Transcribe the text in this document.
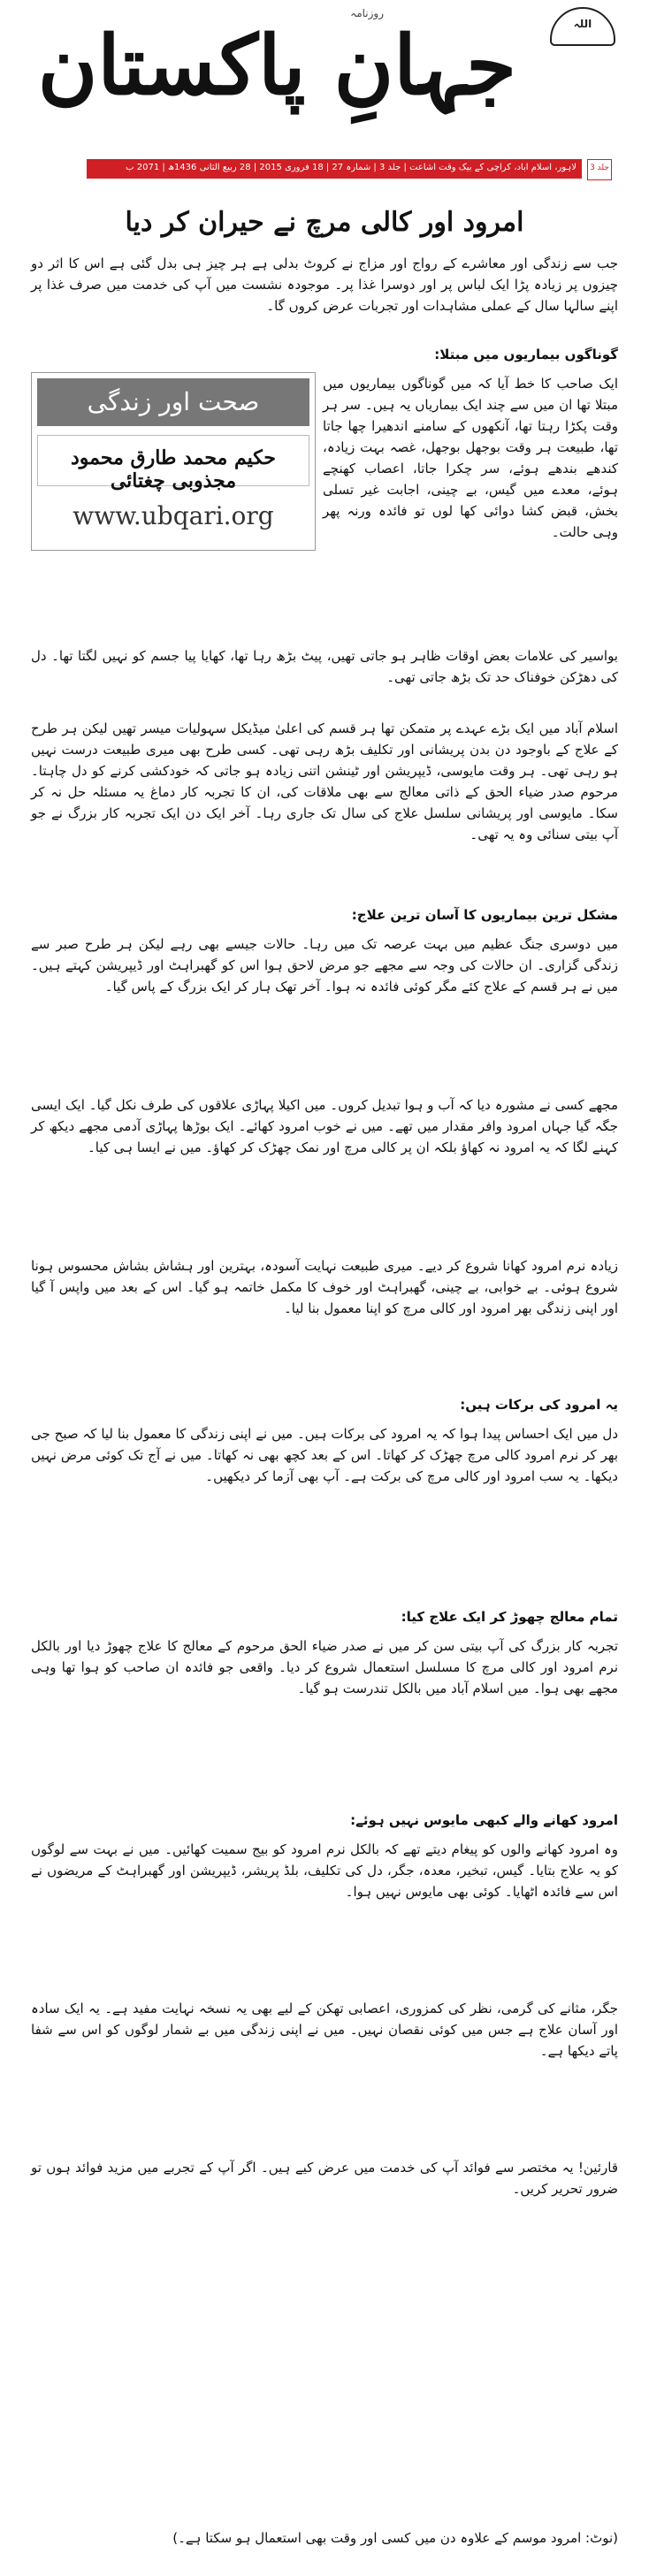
روزنامہ
اللہ
جہانِ پاکستان
لاہور، اسلام آباد، کراچی کے بیک وقت اشاعت | جلد 3 | شمارہ 27 | 18 فروری 2015 | 28 ربیع الثانی 1436ھ | 2071 ب جلد 3
امرود اور کالی مرچ نے حیران کر دیا
جب سے زندگی اور معاشرے کے رواج اور مزاج نے کروٹ بدلی ہے ہر چیز ہی بدل گئی ہے اس کا اثر دو چیزوں پر زیادہ پڑا ایک لباس پر اور دوسرا غذا پر۔ موجودہ نشست میں آپ کی خدمت میں صرف غذا پر اپنے سالہا سال کے عملی مشاہدات اور تجربات عرض کروں گا۔
گوناگوں بیماریوں میں مبتلا:
صحت اور زندگی
حکیم محمد طارق محمود مجذوبی چغتائی
www.ubqari.org
ایک صاحب کا خط آیا کہ میں گوناگوں بیماریوں میں مبتلا تھا ان میں سے چند ایک بیماریاں یہ ہیں۔ سر ہر وقت پکڑا رہتا تھا، آنکھوں کے سامنے اندھیرا چھا جاتا تھا، طبیعت ہر وقت بوجھل بوجھل، غصہ بہت زیادہ، کندھے بندھے ہوئے، سر چکرا جاتا، اعصاب کھنچے ہوئے، معدے میں گیس، بے چینی، اجابت غیر تسلی بخش، قبض کشا دوائی کھا لوں تو فائدہ ورنہ پھر وہی حالت۔
بواسیر کی علامات بعض اوقات ظاہر ہو جاتی تھیں، پیٹ بڑھ رہا تھا، کھایا پیا جسم کو نہیں لگتا تھا۔ دل کی دھڑکن خوفناک حد تک بڑھ جاتی تھی۔
اسلام آباد میں ایک بڑے عہدے پر متمکن تھا ہر قسم کی اعلیٰ میڈیکل سہولیات میسر تھیں لیکن ہر طرح کے علاج کے باوجود دن بدن پریشانی اور تکلیف بڑھ رہی تھی۔ کسی طرح بھی میری طبیعت درست نہیں ہو رہی تھی۔ ہر وقت مایوسی، ڈیپریشن اور ٹینشن اتنی زیادہ ہو جاتی کہ خودکشی کرنے کو دل چاہتا۔ مرحوم صدر ضیاء الحق کے ذاتی معالج سے بھی ملاقات کی، ان کا تجربہ کار دماغ یہ مسئلہ حل نہ کر سکا۔ مایوسی اور پریشانی سلسل علاج کی سال تک جاری رہا۔ آخر ایک دن ایک تجربہ کار بزرگ نے جو آپ بیتی سنائی وہ یہ تھی۔
مشکل ترین بیماریوں کا آسان ترین علاج:
میں دوسری جنگ عظیم میں بہت عرصہ تک میں رہا۔ حالات جیسے بھی رہے لیکن ہر طرح صبر سے زندگی گزاری۔ ان حالات کی وجہ سے مجھے جو مرض لاحق ہوا اس کو گھبراہٹ اور ڈیپریشن کہتے ہیں۔ میں نے ہر قسم کے علاج کئے مگر کوئی فائدہ نہ ہوا۔ آخر تھک ہار کر ایک بزرگ کے پاس گیا۔
مجھے کسی نے مشورہ دیا کہ آب و ہوا تبدیل کروں۔ میں اکیلا پہاڑی علاقوں کی طرف نکل گیا۔ ایک ایسی جگہ گیا جہاں امرود وافر مقدار میں تھے۔ میں نے خوب امرود کھائے۔ ایک بوڑھا پہاڑی آدمی مجھے دیکھ کر کہنے لگا کہ یہ امرود نہ کھاؤ بلکہ ان پر کالی مرچ اور نمک چھڑک کر کھاؤ۔ میں نے ایسا ہی کیا۔
زیادہ نرم امرود کھانا شروع کر دیے۔ میری طبیعت نہایت آسودہ، بہترین اور ہشاش بشاش محسوس ہونا شروع ہوئی۔ بے خوابی، بے چینی، گھبراہٹ اور خوف کا مکمل خاتمہ ہو گیا۔ اس کے بعد میں واپس آ گیا اور اپنی زندگی بھر امرود اور کالی مرچ کو اپنا معمول بنا لیا۔
یہ امرود کی برکات ہیں:
دل میں ایک احساس پیدا ہوا کہ یہ امرود کی برکات ہیں۔ میں نے اپنی زندگی کا معمول بنا لیا کہ صبح جی بھر کر نرم امرود کالی مرچ چھڑک کر کھاتا۔ اس کے بعد کچھ بھی نہ کھاتا۔ میں نے آج تک کوئی مرض نہیں دیکھا۔ یہ سب امرود اور کالی مرچ کی برکت ہے۔ آپ بھی آزما کر دیکھیں۔
تمام معالج چھوڑ کر ایک علاج کیا:
تجربہ کار بزرگ کی آپ بیتی سن کر میں نے صدر ضیاء الحق مرحوم کے معالج کا علاج چھوڑ دیا اور بالکل نرم امرود اور کالی مرچ کا مسلسل استعمال شروع کر دیا۔ واقعی جو فائدہ ان صاحب کو ہوا تھا وہی مجھے بھی ہوا۔ میں اسلام آباد میں بالکل تندرست ہو گیا۔
امرود کھانے والے کبھی مایوس نہیں ہوئے:
وہ امرود کھانے والوں کو پیغام دیتے تھے کہ بالکل نرم امرود کو بیج سمیت کھائیں۔ میں نے بہت سے لوگوں کو یہ علاج بتایا۔ گیس، تبخیر، معدہ، جگر، دل کی تکلیف، بلڈ پریشر، ڈیپریشن اور گھبراہٹ کے مریضوں نے اس سے فائدہ اٹھایا۔ کوئی بھی مایوس نہیں ہوا۔
جگر، مثانے کی گرمی، نظر کی کمزوری، اعصابی تھکن کے لیے بھی یہ نسخہ نہایت مفید ہے۔ یہ ایک سادہ اور آسان علاج ہے جس میں کوئی نقصان نہیں۔ میں نے اپنی زندگی میں بے شمار لوگوں کو اس سے شفا پاتے دیکھا ہے۔
قارئین! یہ مختصر سے فوائد آپ کی خدمت میں عرض کیے ہیں۔ اگر آپ کے تجربے میں مزید فوائد ہوں تو ضرور تحریر کریں۔
(نوٹ: امرود موسم کے علاوہ دن میں کسی اور وقت بھی استعمال ہو سکتا ہے۔)
